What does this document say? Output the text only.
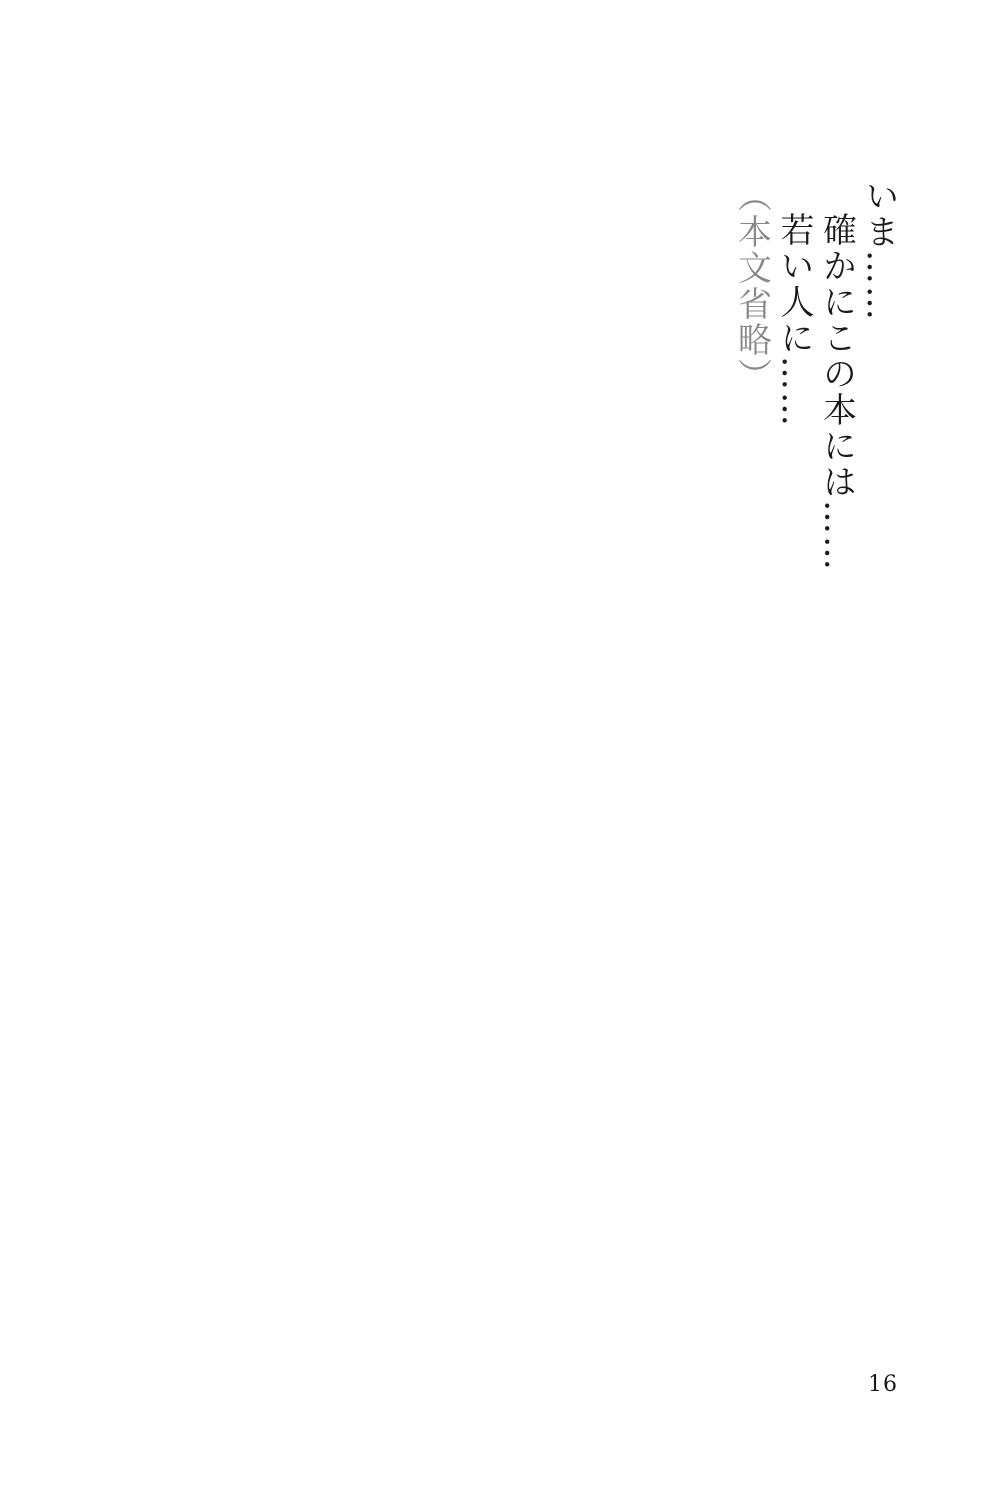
いま……

確かにこの本には……

若い人に……

（本文省略）

16
